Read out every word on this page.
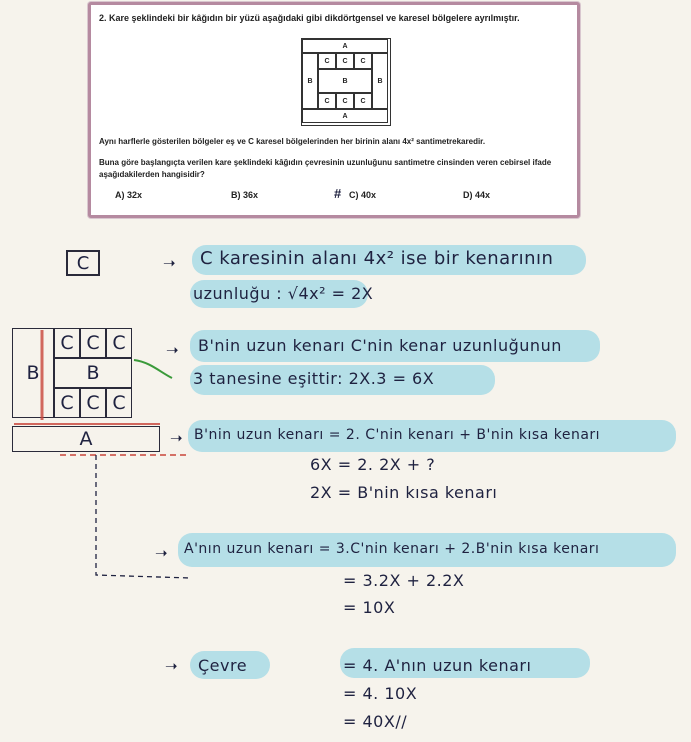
2. Kare şeklindeki bir kâğıdın bir yüzü aşağıdaki gibi dikdörtgensel ve karesel bölgelere ayrılmıştır.
A
B	B
C	C	C
B
C	C	C
A
Aynı harflerle gösterilen bölgeler eş ve C karesel bölgelerinden her birinin alanı 4x² santimetrekaredir.
Buna göre başlangıçta verilen kare şeklindeki kâğıdın çevresinin uzunluğunu santimetre cinsinden veren cebirsel ifade aşağıdakilerden hangisidir?
A) 32x	B) 36x	# C) 40x	D) 44x
C	➝
➝
➝
➝
➝
C karesinin alanı 4x² ise bir kenarının
uzunluğu : √4x² = 2X
B'nin uzun kenarı C'nin kenar uzunluğunun
3 tanesine eşittir: 2X.3 = 6X
B'nin uzun kenarı = 2. C'nin kenarı + B'nin kısa kenarı
6X = 2. 2X + ?
2X = B'nin kısa kenarı
A'nın uzun kenarı = 3.C'nin kenarı + 2.B'nin kısa kenarı
= 3.2X + 2.2X
= 10X
Çevre	= 4. A'nın uzun kenarı
= 4. 10X
= 40X//
B
C C C
B
C C C
A
